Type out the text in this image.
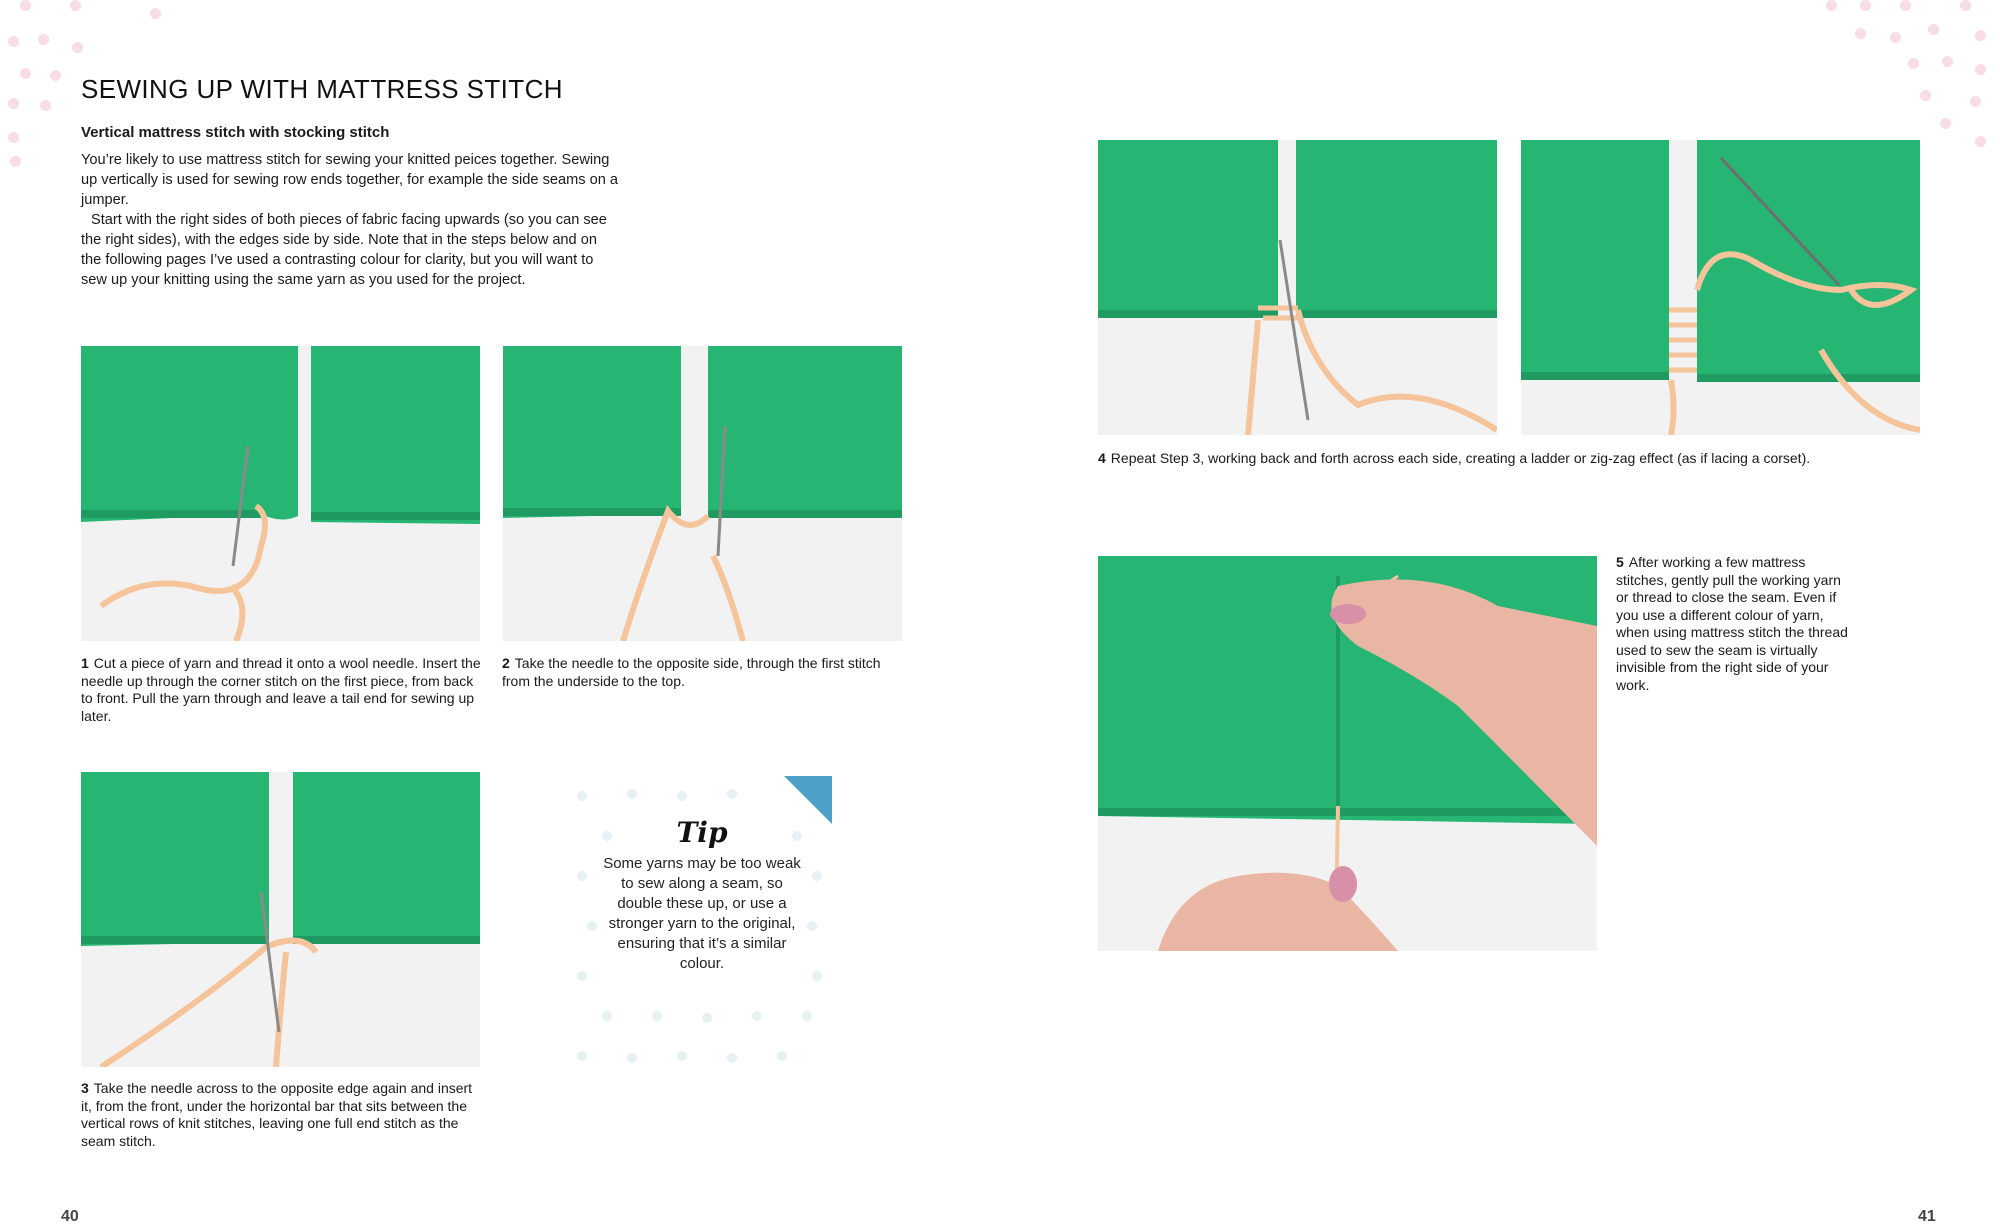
SEWING UP WITH MATTRESS STITCH
Vertical mattress stitch with stocking stitch

You’re likely to use mattress stitch for sewing your knitted peices together. Sewing up vertically is used for sewing row ends together, for example the side seams on a jumper.

Start with the right sides of both pieces of fabric facing upwards (so you can see the right sides), with the edges side by side. Note that in the steps below and on the following pages I’ve used a contrasting colour for clarity, but you will want to sew up your knitting using the same yarn as you used for the project.

1 Cut a piece of yarn and thread it onto a wool needle. Insert the needle up through the corner stitch on the first piece, from back to front. Pull the yarn through and leave a tail end for sewing up later.
2 Take the needle to the opposite side, through the first stitch from the underside to the top.
3 Take the needle across to the opposite edge again and insert it, from the front, under the horizontal bar that sits between the vertical rows of knit stitches, leaving one full end stitch as the seam stitch.
Tip
Some yarns may be too weak to sew along a seam, so double these up, or use a stronger yarn to the original, ensuring that it’s a similar colour.
4 Repeat Step 3, working back and forth across each side, creating a ladder or zig-zag effect (as if lacing a corset).
5 After working a few mattress stitches, gently pull the working yarn or thread to close the seam. Even if you use a different colour of yarn, when using mattress stitch the thread used to sew the seam is virtually invisible from the right side of your work.
40	41
